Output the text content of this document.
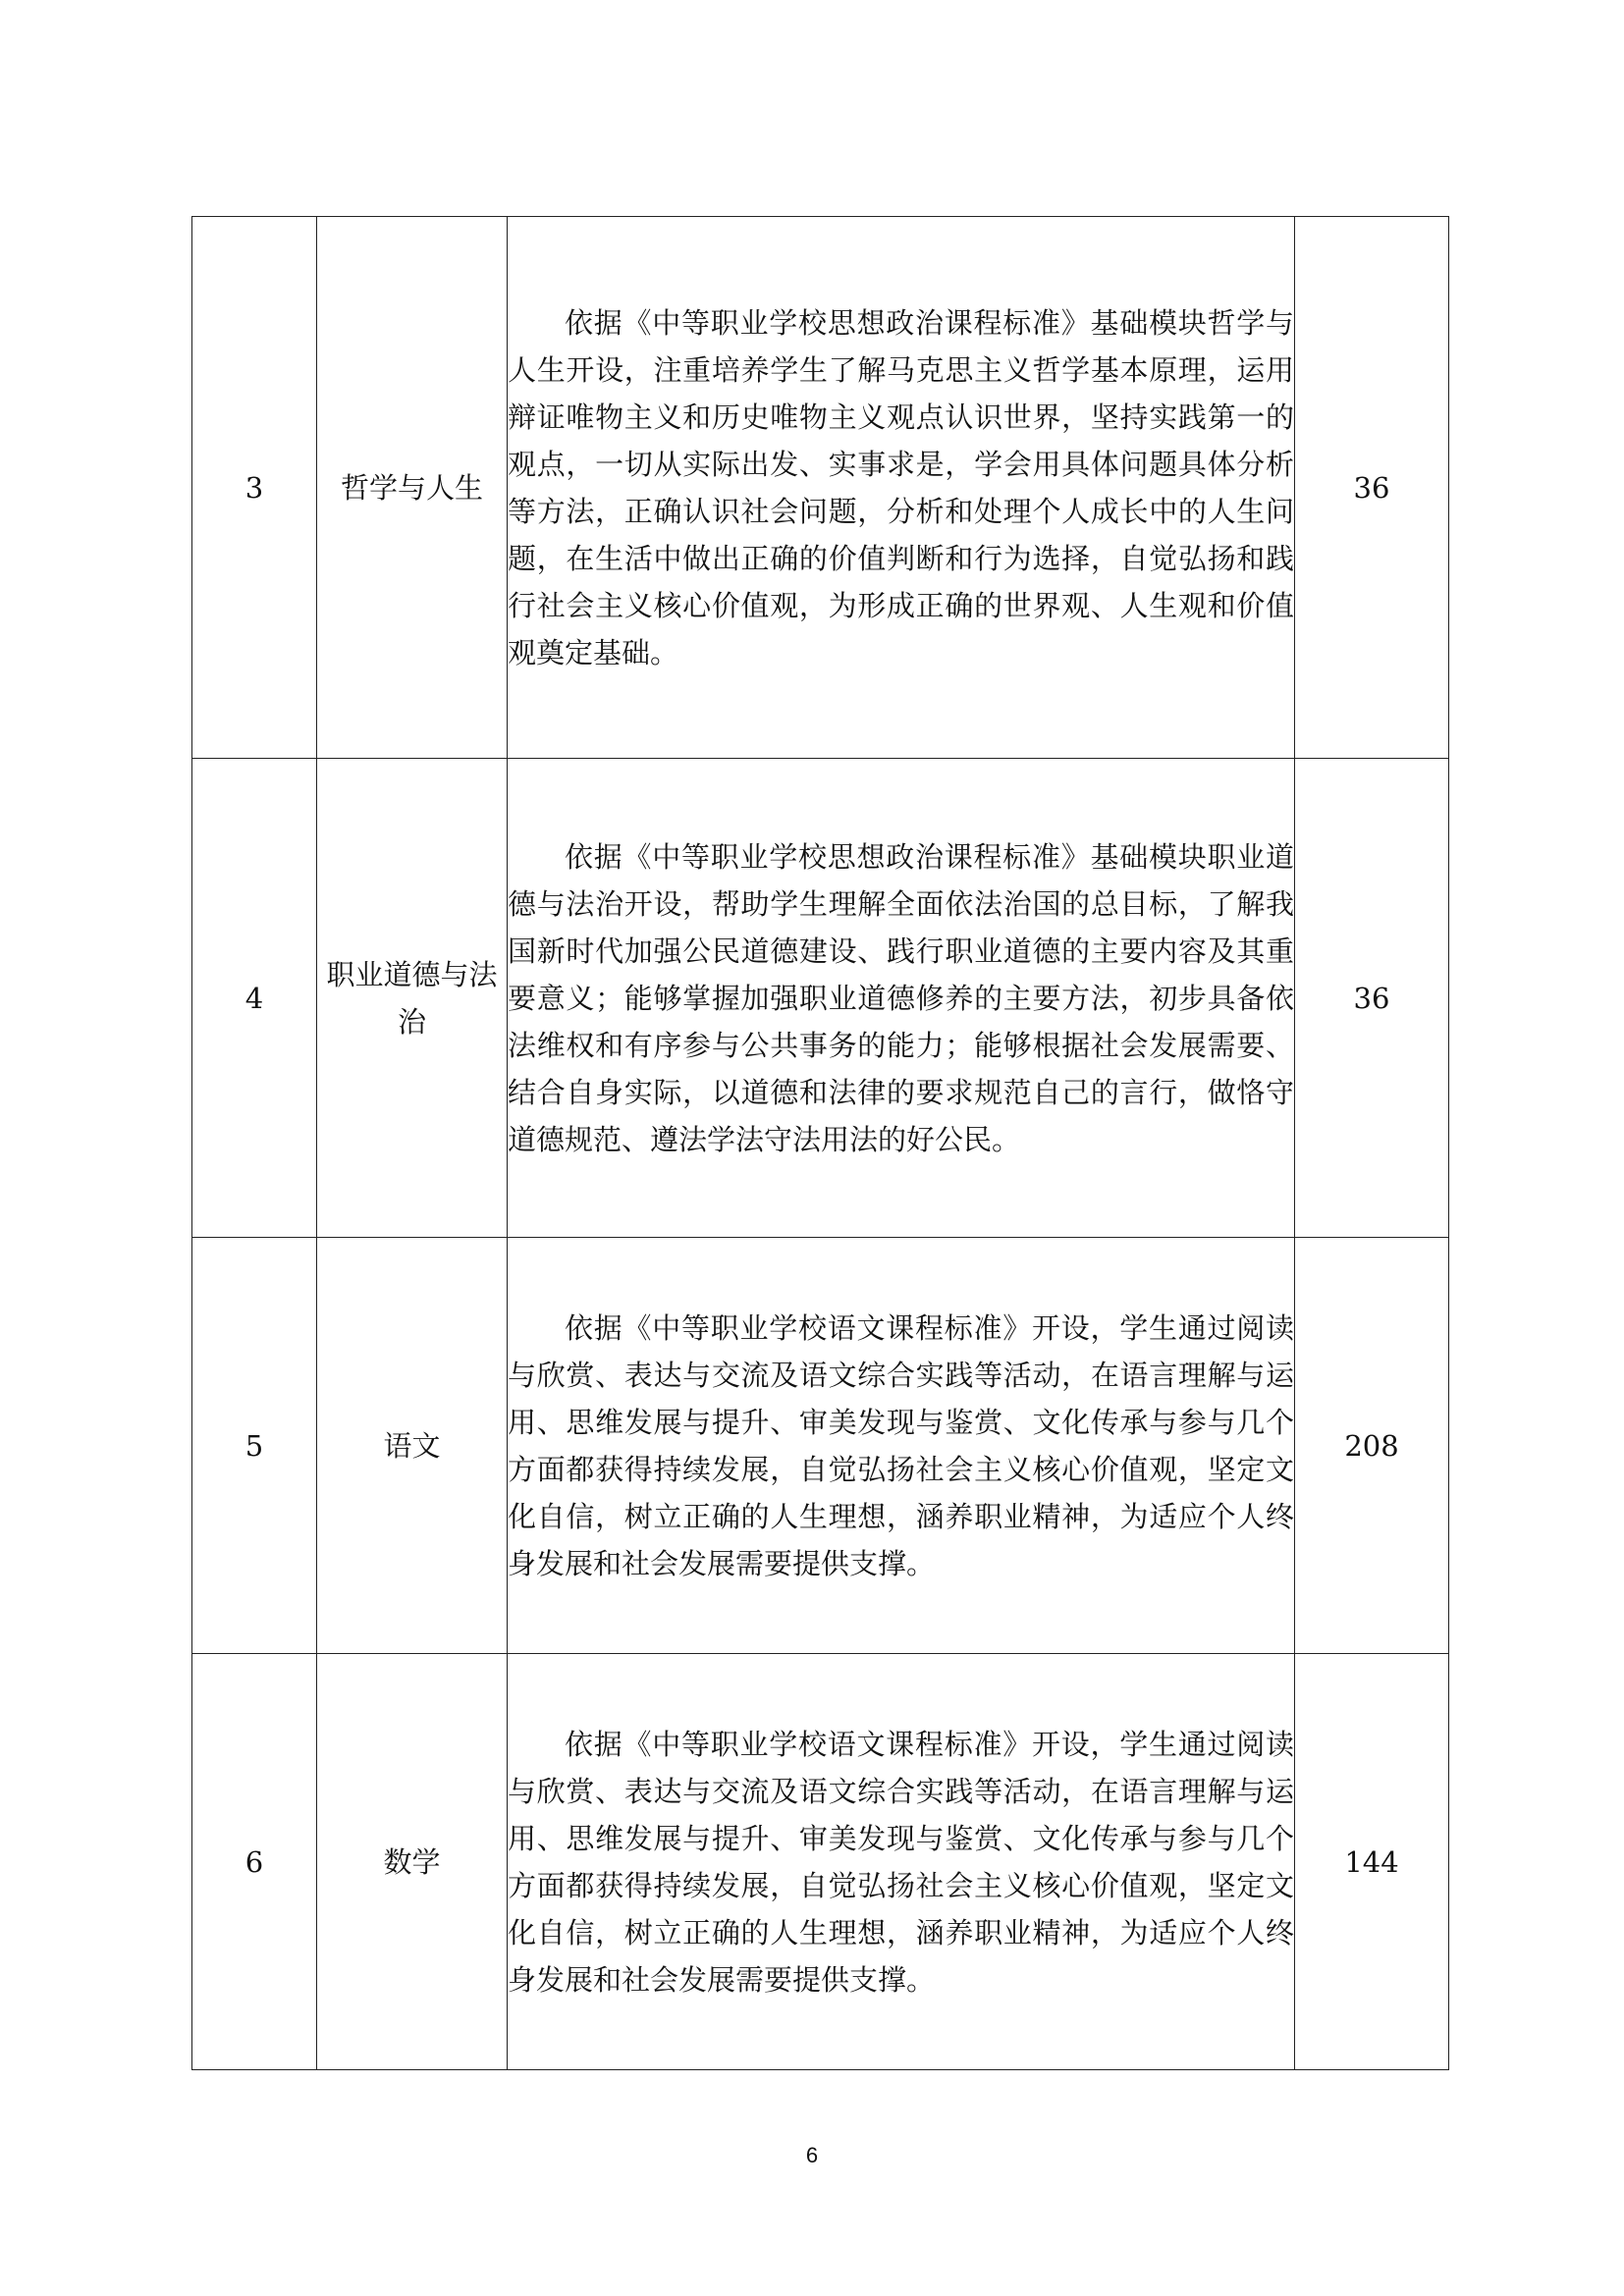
3	哲学与人生	依据《中等职业学校思想政治课程标准》基础模块哲学与人生开设，注重培养学生了解马克思主义哲学基本原理，运用辩证唯物主义和历史唯物主义观点认识世界，坚持实践第一的观点，一切从实际出发、实事求是，学会用具体问题具体分析等方法，正确认识社会问题，分析和处理个人成长中的人生问题，在生活中做出正确的价值判断和行为选择，自觉弘扬和践行社会主义核心价值观，为形成正确的世界观、人生观和价值观奠定基础。	36
4	职业道德与法治	依据《中等职业学校思想政治课程标准》基础模块职业道德与法治开设，帮助学生理解全面依法治国的总目标，了解我国新时代加强公民道德建设、践行职业道德的主要内容及其重要意义；能够掌握加强职业道德修养的主要方法，初步具备依法维权和有序参与公共事务的能力；能够根据社会发展需要、结合自身实际，以道德和法律的要求规范自己的言行，做恪守道德规范、遵法学法守法用法的好公民。	36
5	语文	依据《中等职业学校语文课程标准》开设，学生通过阅读与欣赏、表达与交流及语文综合实践等活动，在语言理解与运用、思维发展与提升、审美发现与鉴赏、文化传承与参与几个方面都获得持续发展，自觉弘扬社会主义核心价值观，坚定文化自信，树立正确的人生理想，涵养职业精神，为适应个人终身发展和社会发展需要提供支撑。	208
6	数学	依据《中等职业学校语文课程标准》开设，学生通过阅读与欣赏、表达与交流及语文综合实践等活动，在语言理解与运用、思维发展与提升、审美发现与鉴赏、文化传承与参与几个方面都获得持续发展，自觉弘扬社会主义核心价值观，坚定文化自信，树立正确的人生理想，涵养职业精神，为适应个人终身发展和社会发展需要提供支撑。	144
6
